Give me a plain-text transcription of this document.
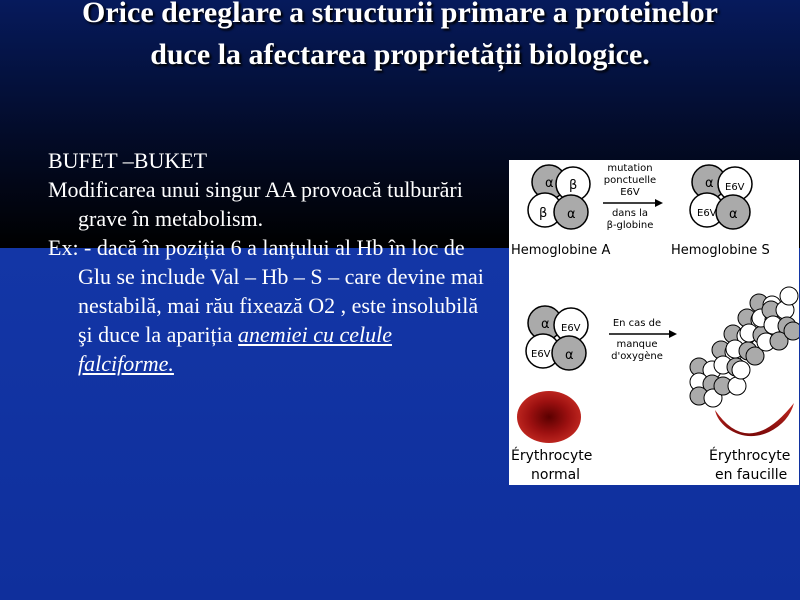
Orice dereglare a structurii primare a proteinelor duce la afectarea proprietății biologice.

BUFET –BUKET

Modificarea unui singur AA provoacă tulburări grave în metabolism.

Ex: - dacă în poziția 6 a lanțului al Hb în loc de Glu se include Val – Hb – S – care devine mai nestabilă, mai rău fixează O2 , este insolubilă şi duce la apariția anemiei cu celule falciforme.

α β
β α
mutation
ponctuelle
E6V
dans la
β-globine
α E6V
E6V α
Hemoglobine A	Hemoglobine S
α E6V
E6V α
En cas de
manque
d'oxygène
Érythrocyte
normal
Érythrocyte
en faucille
